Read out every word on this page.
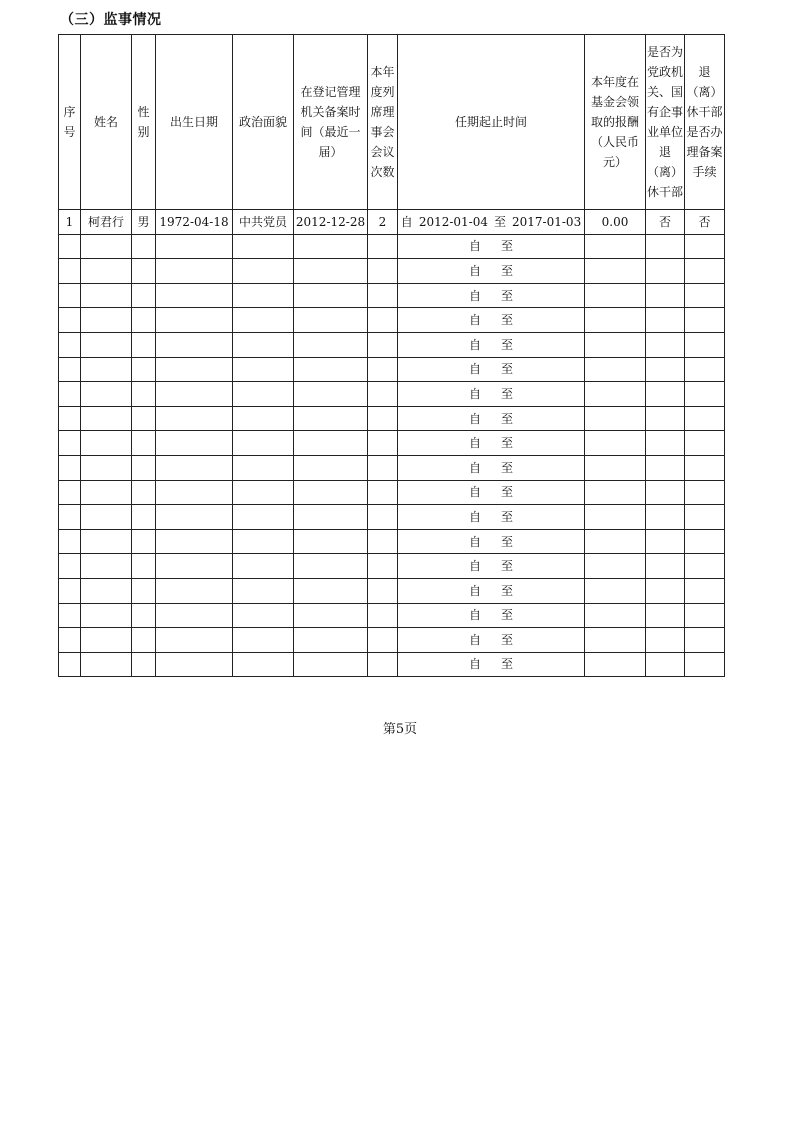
（三）监事情况
序号	姓名	性别	出生日期	政治面貌	在登记管理机关备案时间（最近一届）	本年度列席理事会会议次数	任期起止时间	本年度在基金会领取的报酬（人民币元）	是否为党政机关、国有企事业单位退（离）休干部	退（离）休干部是否办理备案手续

1	柯君行	男	1972-04-18	中共党员	2012-12-28	2	自 2012-01-04 至 2017-01-03	0.00	否	否
							自 至			
							自 至			
							自 至			
							自 至			
							自 至			
							自 至			
							自 至			
							自 至			
							自 至			
							自 至			
							自 至			
							自 至			
							自 至			
							自 至			
							自 至			
							自 至			
							自 至			
							自 至			
第5页
